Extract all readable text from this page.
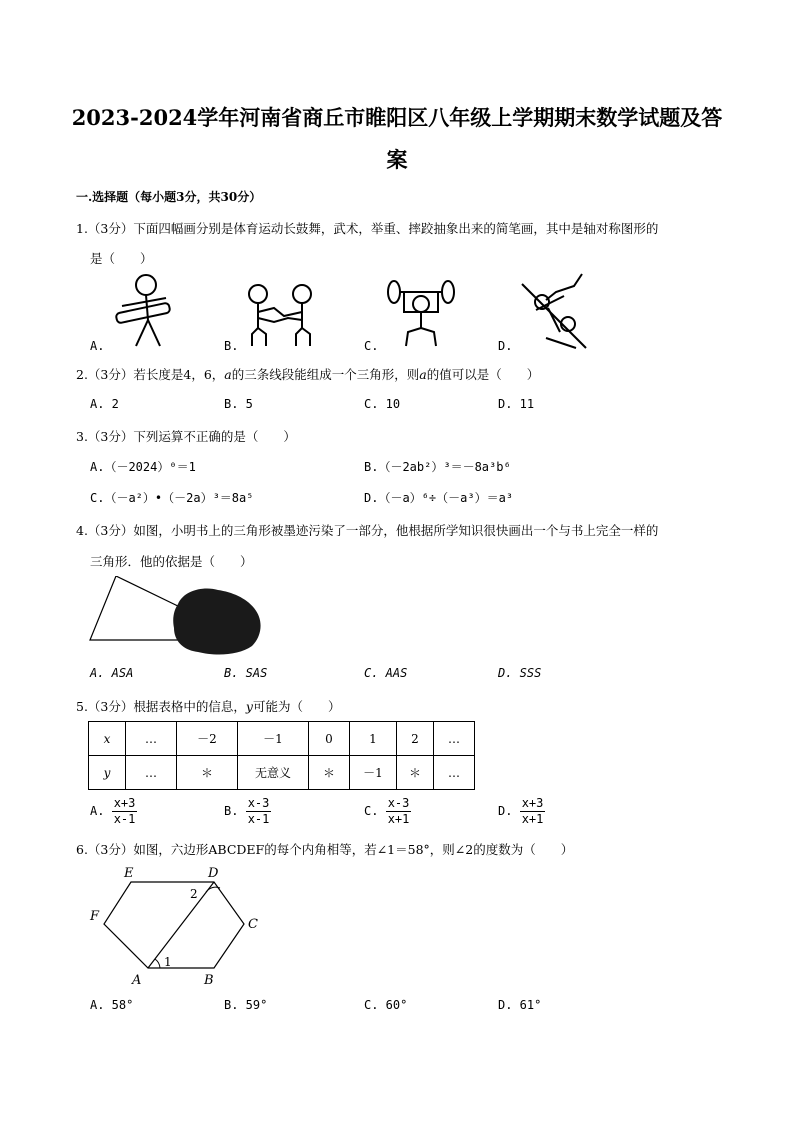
2023-2024学年河南省商丘市睢阳区八年级上学期期末数学试题及答
案
一.选择题（每小题3分，共30分）
1.（3分）下面四幅画分别是体育运动长鼓舞，武术，举重、摔跤抽象出来的简笔画，其中是轴对称图形的
是（　　）
A.	B.	C.	D.
2.（3分）若长度是4，6，a的三条线段能组成一个三角形，则a的值可以是（　　）
A. 2	B. 5	C. 10	D. 11
3.（3分）下列运算不正确的是（　　）
A.（－2024）⁰＝1	B.（－2ab²）³＝－8a³b⁶
C.（－a²）•（－2a）³＝8a⁵	D.（－a）⁶÷（－a³）＝a³
4.（3分）如图，小明书上的三角形被墨迹污染了一部分，他根据所学知识很快画出一个与书上完全一样的
三角形．他的依据是（　　）
A. ASA	B. SAS	C. AAS	D. SSS
5.（3分）根据表格中的信息，y可能为（　　）
x	…	－2	－1	0	1	2	…
y	…	＊	无意义	＊	－1	＊	…
A. $\frac{x+3}{x-1}$	B. $\frac{x-3}{x-1}$	C. $\frac{x-3}{x+1}$	D. $\frac{x+3}{x+1}$
6.（3分）如图，六边形ABCDEF的每个内角相等，若∠1＝58°，则∠2的度数为（　　）
E	D
C
F
A	B
1
2
A. 58°	B. 59°	C. 60°	D. 61°
